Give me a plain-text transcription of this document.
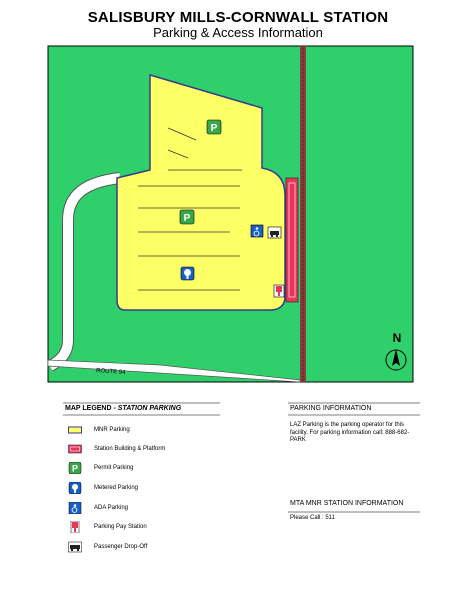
SALISBURY MILLS-CORNWALL STATION
Parking & Access Information
ROUTE 94
P
P
N
MAP LEGEND - STATION PARKING
MNR Parking
Station Building & Platform
P	Permit Parking
Metered Parking
ADA Parking
Parking Pay Station
Passenger Drop-Off
PARKING INFORMATION
LAZ Parking is the parking operator for this facility. For parking information call: 888-682-PARK
MTA MNR STATION INFORMATION
Please Call : 511
